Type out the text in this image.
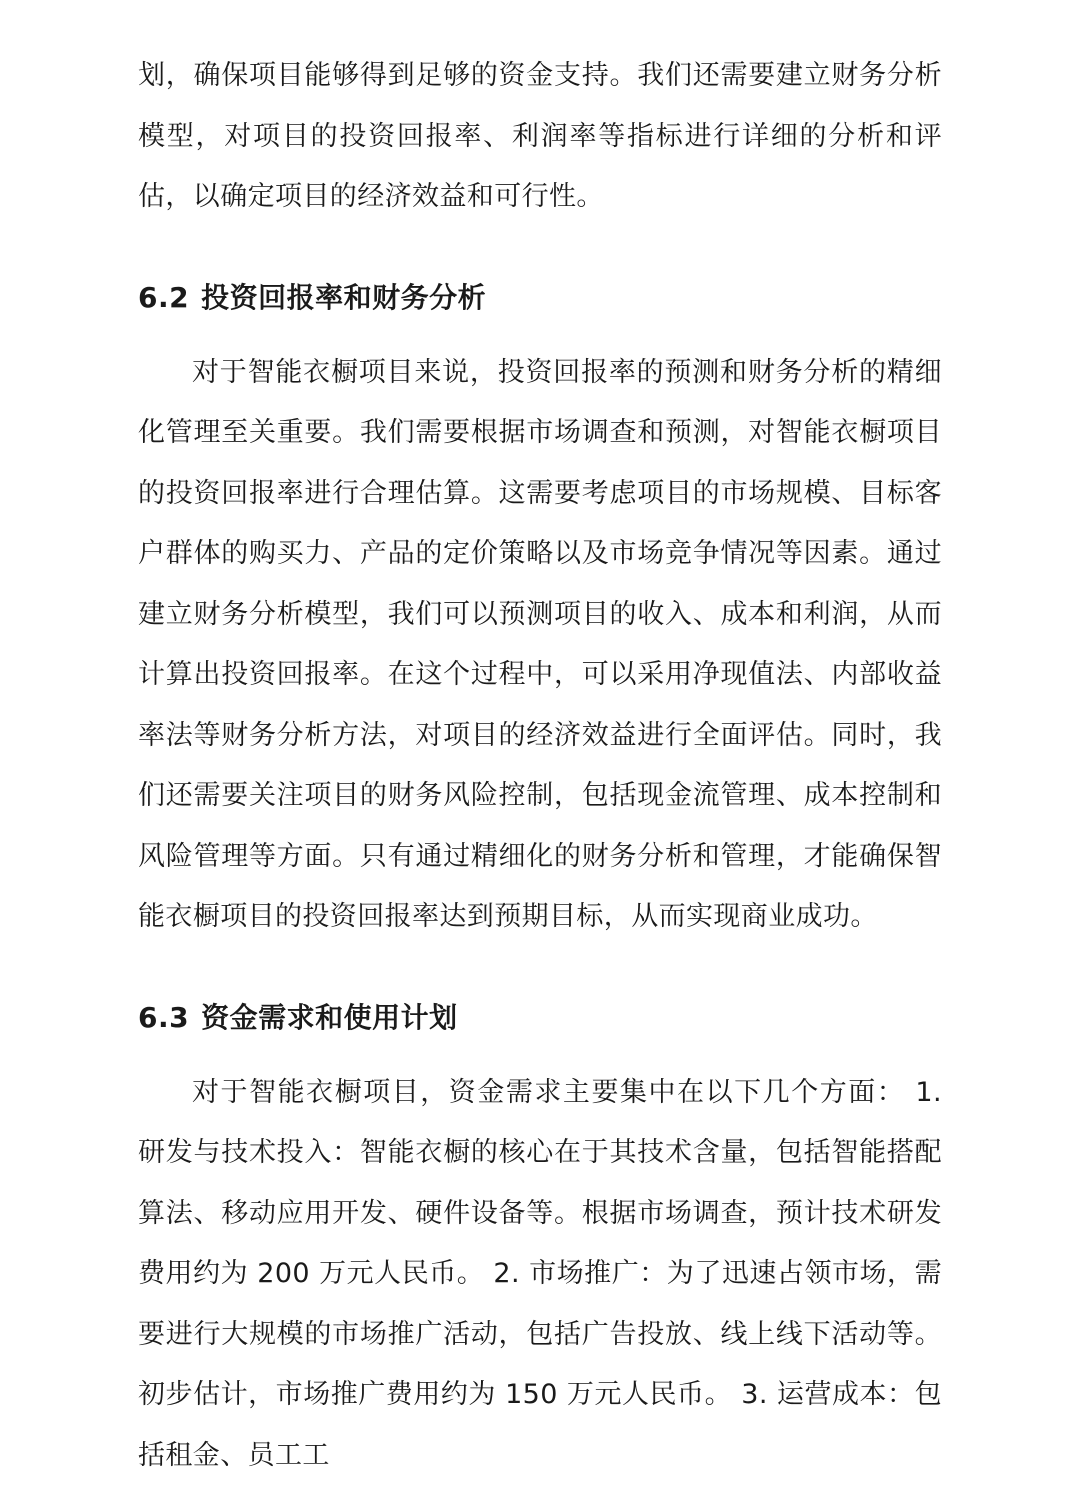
划，确保项目能够得到足够的资金支持。我们还需要建立财务分析模型，对项目的投资回报率、利润率等指标进行详细的分析和评估，以确定项目的经济效益和可行性。

6.2 投资回报率和财务分析

对于智能衣橱项目来说，投资回报率的预测和财务分析的精细化管理至关重要。我们需要根据市场调查和预测，对智能衣橱项目的投资回报率进行合理估算。这需要考虑项目的市场规模、目标客户群体的购买力、产品的定价策略以及市场竞争情况等因素。通过建立财务分析模型，我们可以预测项目的收入、成本和利润，从而计算出投资回报率。在这个过程中，可以采用净现值法、内部收益率法等财务分析方法，对项目的经济效益进行全面评估。同时，我们还需要关注项目的财务风险控制，包括现金流管理、成本控制和风险管理等方面。只有通过精细化的财务分析和管理，才能确保智能衣橱项目的投资回报率达到预期目标，从而实现商业成功。

6.3 资金需求和使用计划

对于智能衣橱项目，资金需求主要集中在以下几个方面： 1. 研发与技术投入：智能衣橱的核心在于其技术含量，包括智能搭配算法、移动应用开发、硬件设备等。根据市场调查，预计技术研发费用约为 200 万元人民币。 2. 市场推广：为了迅速占领市场，需要进行大规模的市场推广活动，包括广告投放、线上线下活动等。初步估计，市场推广费用约为 150 万元人民币。 3. 运营成本：包括租金、员工工
